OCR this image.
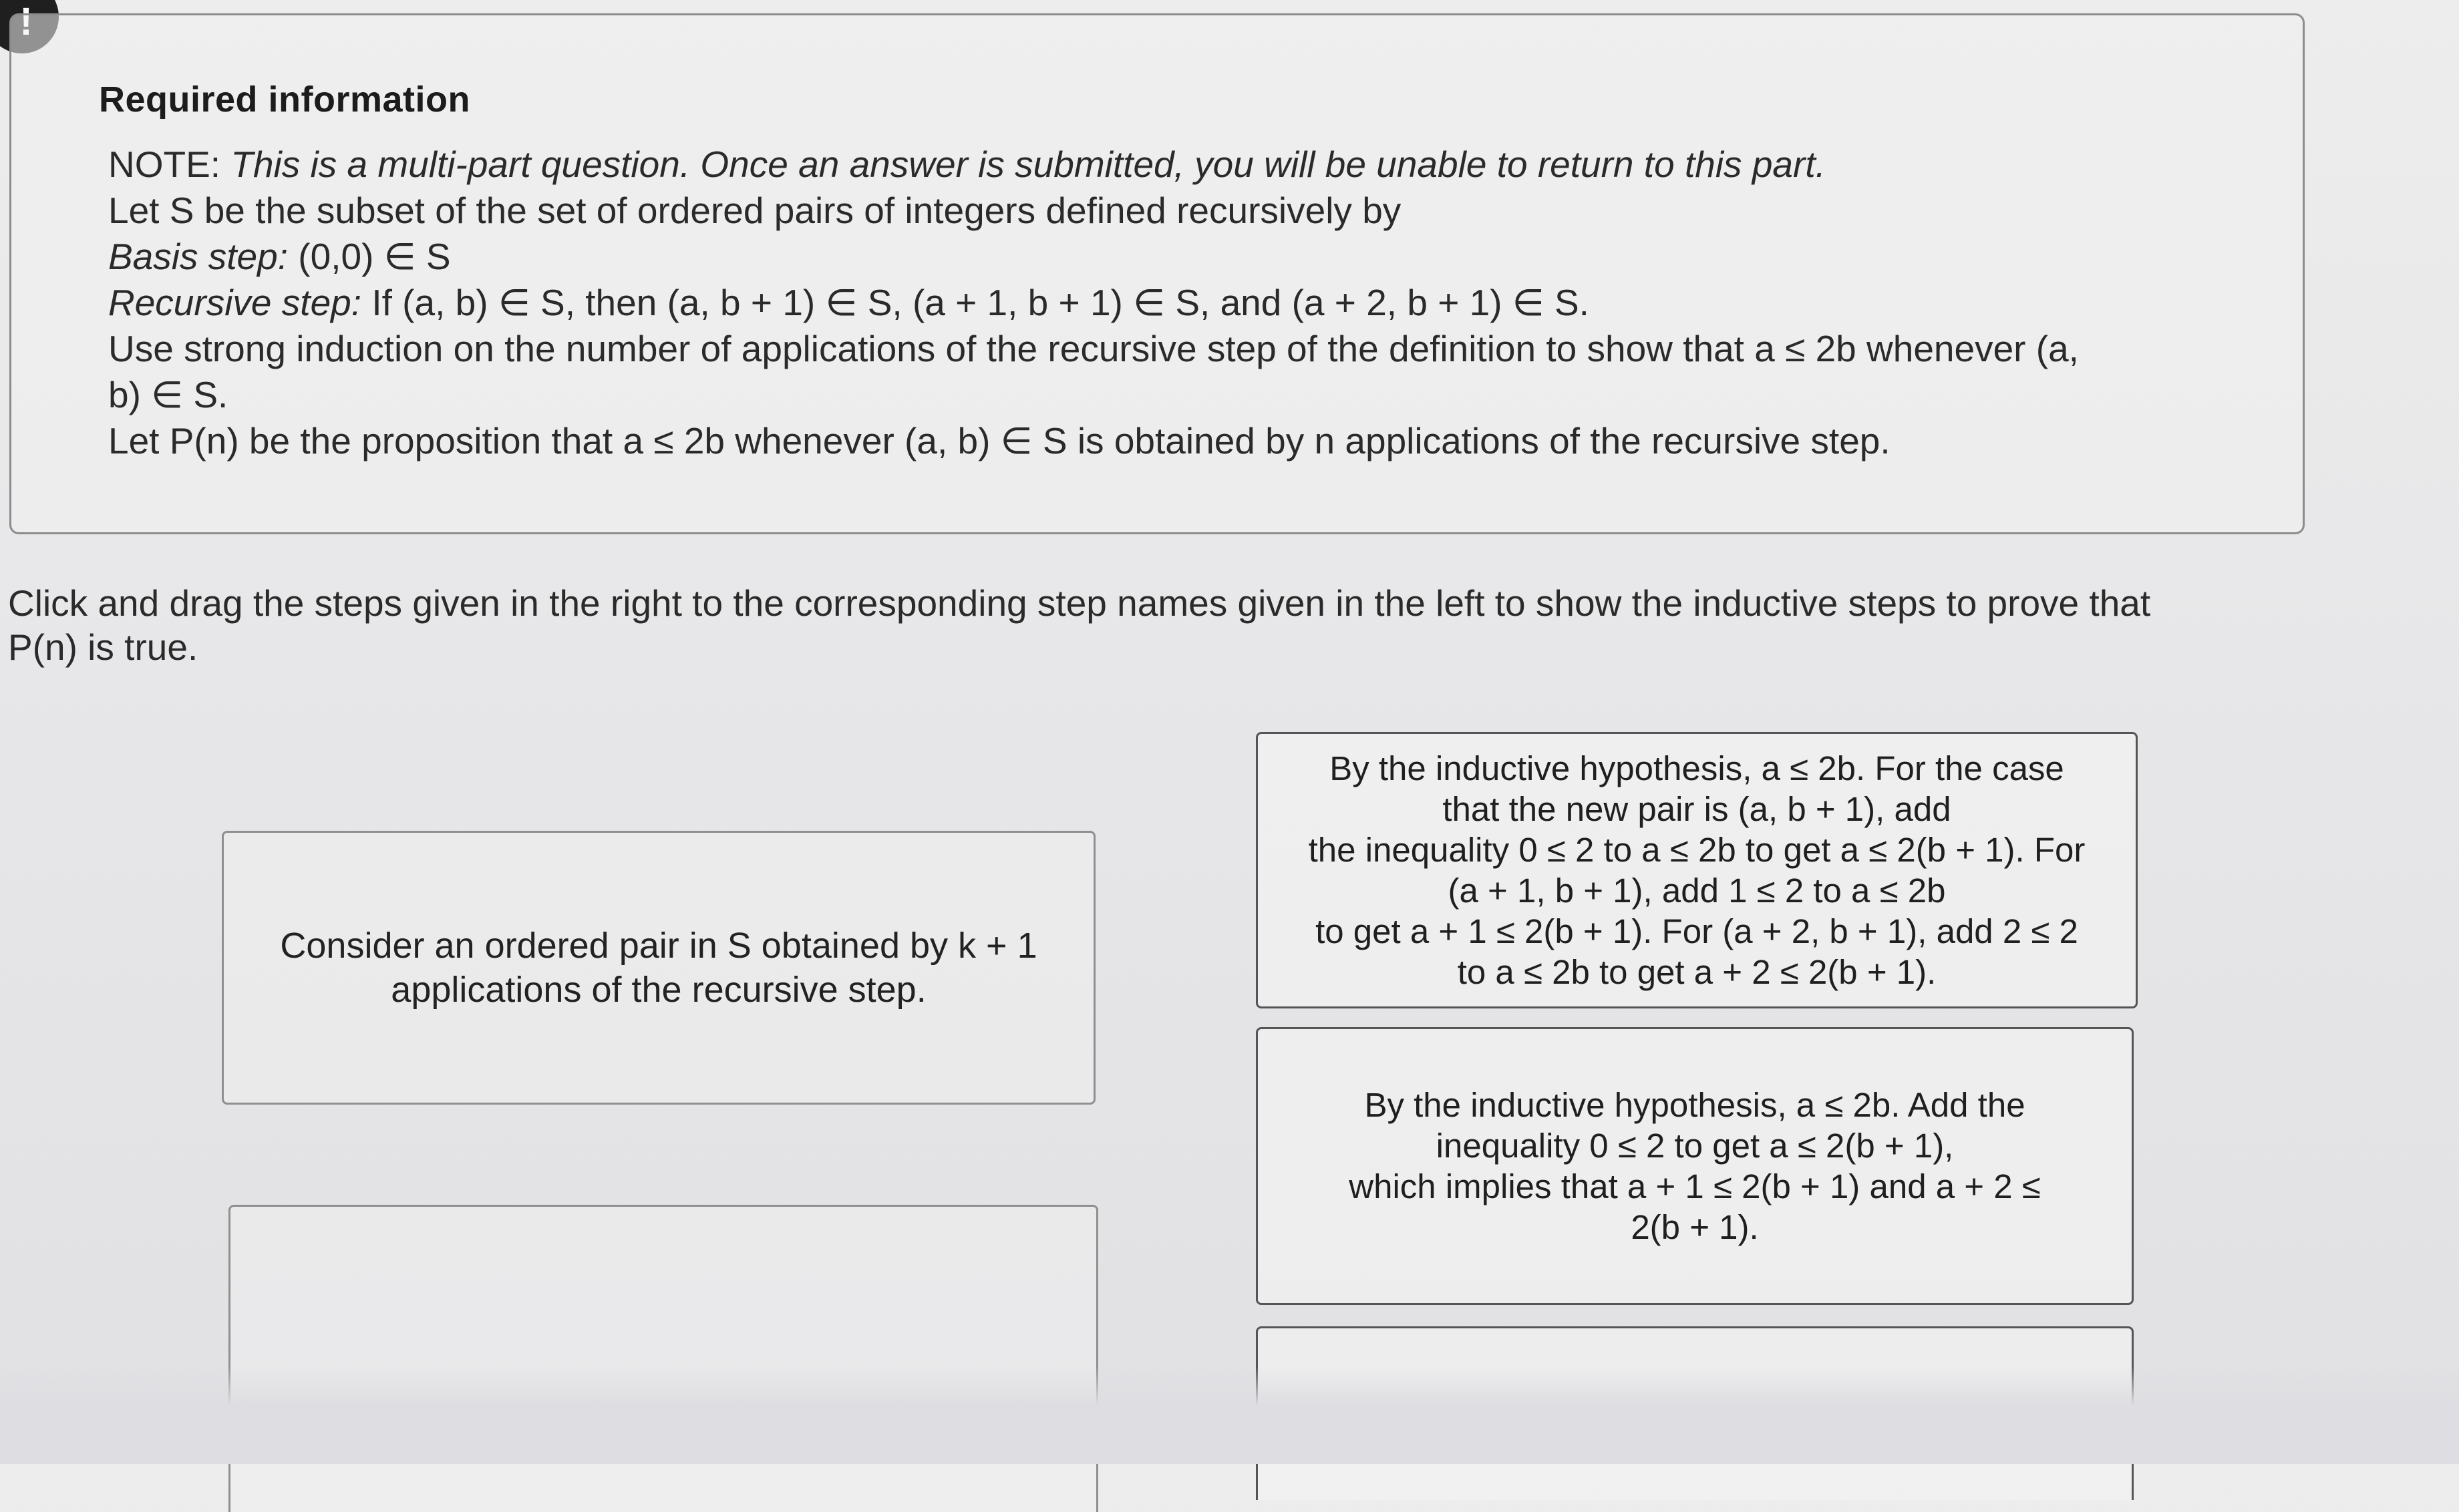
Required information
NOTE: This is a multi-part question. Once an answer is submitted, you will be unable to return to this part.
Let S be the subset of the set of ordered pairs of integers defined recursively by
Basis step: (0,0) ∈ S
Recursive step: If (a, b) ∈ S, then (a, b + 1) ∈ S, (a + 1, b + 1) ∈ S, and (a + 2, b + 1) ∈ S.
Use strong induction on the number of applications of the recursive step of the definition to show that a ≤ 2b whenever (a,
b) ∈ S.
Let P(n) be the proposition that a ≤ 2b whenever (a, b) ∈ S is obtained by n applications of the recursive step.
Click and drag the steps given in the right to the corresponding step names given in the left to show the inductive steps to prove that
P(n) is true.
Consider an ordered pair in S obtained by k + 1 applications of the recursive step.
By the inductive hypothesis, a ≤ 2b. For the case
that the new pair is (a, b + 1), add
the inequality 0 ≤ 2 to a ≤ 2b to get a ≤ 2(b + 1). For
(a + 1, b + 1), add 1 ≤ 2 to a ≤ 2b
to get a + 1 ≤ 2(b + 1). For (a + 2, b + 1), add 2 ≤ 2
to a ≤ 2b to get a + 2 ≤ 2(b + 1).
By the inductive hypothesis, a ≤ 2b. Add the
inequality 0 ≤ 2 to get a ≤ 2(b + 1),
which implies that a + 1 ≤ 2(b + 1) and a + 2 ≤
2(b + 1).
